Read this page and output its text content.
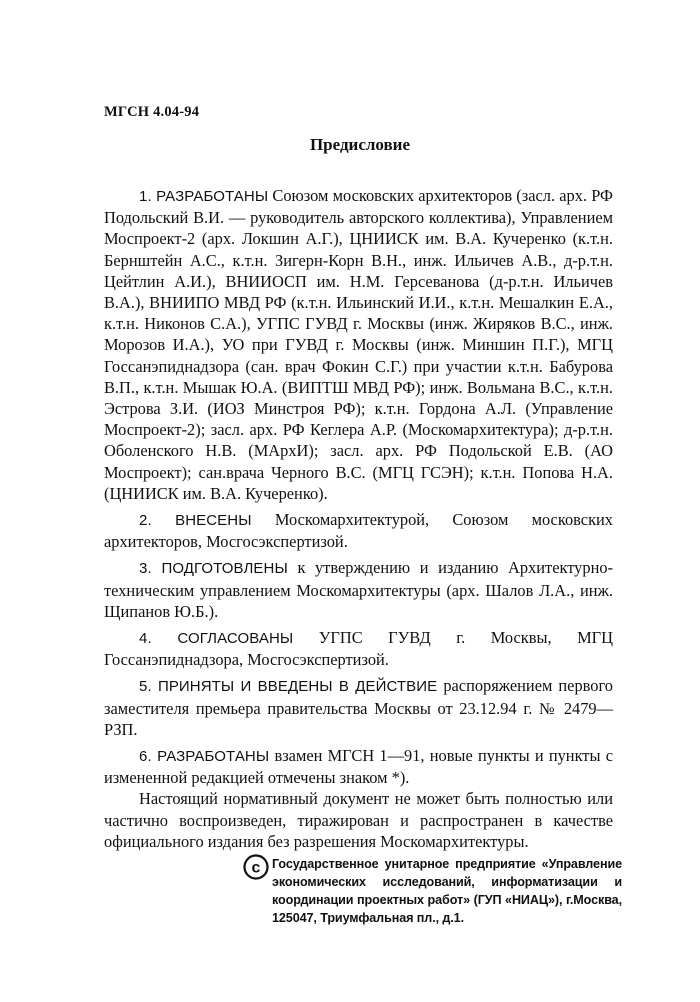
МГСН 4.04-94
Предисловие

1. РАЗРАБОТАНЫ Союзом московских архитекторов (засл. арх. РФ Подольский В.И. — руководитель авторского коллектива), Управлением Моспроект-2 (арх. Локшин А.Г.), ЦНИИСК им. В.А. Кучеренко (к.т.н. Бернштейн А.С., к.т.н. Зигерн-Корн В.Н., инж. Ильичев А.В., д-р.т.н. Цейтлин А.И.), ВНИИОСП им. Н.М. Герсеванова (д-р.т.н. Ильичев В.А.), ВНИИПО МВД РФ (к.т.н. Ильинский И.И., к.т.н. Мешалкин Е.А., к.т.н. Никонов С.А.), УГПС ГУВД г. Москвы (инж. Жиряков В.С., инж. Морозов И.А.), УО при ГУВД г. Москвы (инж. Миншин П.Г.), МГЦ Госсанэпиднадзора (сан. врач Фокин С.Г.) при участии к.т.н. Бабурова В.П., к.т.н. Мышак Ю.А. (ВИПТШ МВД РФ); инж. Вольмана В.С., к.т.н. Эстрова З.И. (ИОЗ Минстроя РФ); к.т.н. Гордона А.Л. (Управление Моспроект-2); засл. арх. РФ Кеглера А.Р. (Москомархитектура); д-р.т.н. Оболенского Н.В. (МАрхИ); засл. арх. РФ Подольской Е.В. (АО Моспроект); сан.врача Черного В.С. (МГЦ ГСЭН); к.т.н. Попова Н.А. (ЦНИИСК им. В.А. Кучеренко).

2. ВНЕСЕНЫ Москомархитектурой, Союзом московских архитекторов, Мосгосэкспертизой.

3. ПОДГОТОВЛЕНЫ к утверждению и изданию Архитектурно-техническим управлением Москомархитектуры (арх. Шалов Л.А., инж. Щипанов Ю.Б.).

4. СОГЛАСОВАНЫ УГПС ГУВД г. Москвы, МГЦ Госсанэпиднадзора, Мосгосэкспертизой.

5. ПРИНЯТЫ И ВВЕДЕНЫ В ДЕЙСТВИЕ распоряжением первого заместителя премьера правительства Москвы от 23.12.94 г. № 2479—РЗП.

6. РАЗРАБОТАНЫ взамен МГСН 1—91, новые пункты и пункты с измененной редакцией отмечены знаком *).

Настоящий нормативный документ не может быть полностью или частично воспроизведен, тиражирован и распространен в качестве официального издания без разрешения Москомархитектуры.

c Государственное унитарное предприятие «Управление экономических исследований, информатизации и координации проектных работ» (ГУП «НИАЦ»), г.Москва, 125047, Триумфальная пл., д.1.
